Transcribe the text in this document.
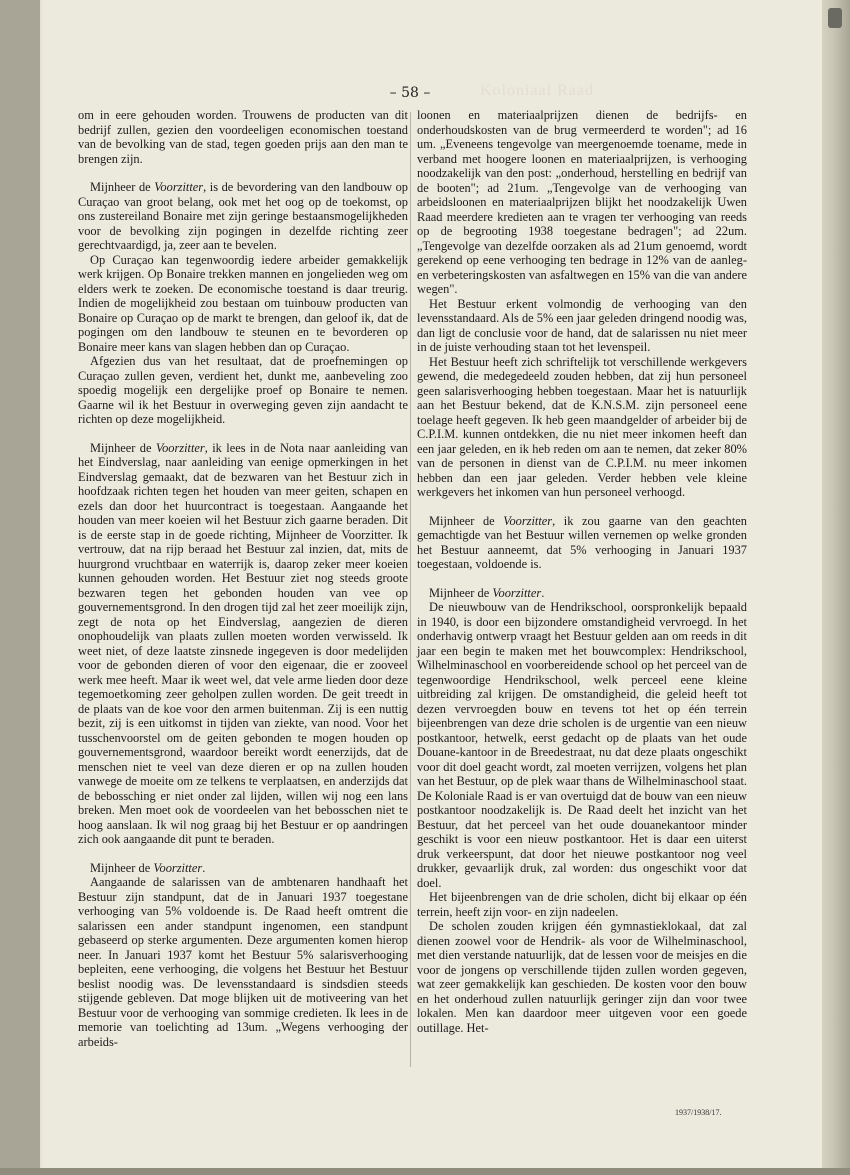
Koloniaal Raad
– 58 –

om in eere gehouden worden. Trouwens de producten van dit bedrijf zullen, gezien den voordeeligen economischen toestand van de bevolking van de stad, tegen goeden prijs aan den man te brengen zijn.

Mijnheer de Voorzitter, is de bevordering van den landbouw op Curaçao van groot belang, ook met het oog op de toekomst, op ons zustereiland Bonaire met zijn geringe bestaansmogelijkheden voor de bevolking zijn pogingen in dezelfde richting zeer gerechtvaardigd, ja, zeer aan te bevelen.

Op Curaçao kan tegenwoordig iedere arbeider gemakkelijk werk krijgen. Op Bonaire trekken mannen en jongelieden weg om elders werk te zoeken. De economische toestand is daar treurig. Indien de mogelijkheid zou bestaan om tuinbouw producten van Bonaire op Curaçao op de markt te brengen, dan geloof ik, dat de pogingen om den landbouw te steunen en te bevorderen op Bonaire meer kans van slagen hebben dan op Curaçao.

Afgezien dus van het resultaat, dat de proefnemingen op Curaçao zullen geven, verdient het, dunkt me, aanbeveling zoo spoedig mogelijk een dergelijke proef op Bonaire te nemen. Gaarne wil ik het Bestuur in overweging geven zijn aandacht te richten op deze mogelijkheid.

Mijnheer de Voorzitter, ik lees in de Nota naar aanleiding van het Eindverslag, naar aanleiding van eenige opmerkingen in het Eindverslag gemaakt, dat de bezwaren van het Bestuur zich in hoofdzaak richten tegen het houden van meer geiten, schapen en ezels dan door het huurcontract is toegestaan. Aangaande het houden van meer koeien wil het Bestuur zich gaarne beraden. Dit is de eerste stap in de goede richting, Mijnheer de Voorzitter. Ik vertrouw, dat na rijp beraad het Bestuur zal inzien, dat, mits de huurgrond vruchtbaar en waterrijk is, daarop zeker meer koeien kunnen gehouden worden. Het Bestuur ziet nog steeds groote bezwaren tegen het gebonden houden van vee op gouvernementsgrond. In den drogen tijd zal het zeer moeilijk zijn, zegt de nota op het Eindverslag, aangezien de dieren onophoudelijk van plaats zullen moeten worden verwisseld. Ik weet niet, of deze laatste zinsnede ingegeven is door medelijden voor de gebonden dieren of voor den eigenaar, die er zooveel werk mee heeft. Maar ik weet wel, dat vele arme lieden door deze tegemoetkoming zeer geholpen zullen worden. De geit treedt in de plaats van de koe voor den armen buitenman. Zij is een nuttig bezit, zij is een uitkomst in tijden van ziekte, van nood. Voor het tusschenvoorstel om de geiten gebonden te mogen houden op gouvernementsgrond, waardoor bereikt wordt eenerzijds, dat de menschen niet te veel van deze dieren er op na zullen houden vanwege de moeite om ze telkens te verplaatsen, en anderzijds dat de bebossching er niet onder zal lijden, willen wij nog een lans breken. Men moet ook de voordeelen van het bebosschen niet te hoog aanslaan. Ik wil nog graag bij het Bestuur er op aandringen zich ook aangaande dit punt te beraden.

Mijnheer de Voorzitter.

Aangaande de salarissen van de ambtenaren handhaaft het Bestuur zijn standpunt, dat de in Januari 1937 toegestane verhooging van 5% voldoende is. De Raad heeft omtrent die salarissen een ander standpunt ingenomen, een standpunt gebaseerd op sterke argumenten. Deze argumenten komen hierop neer. In Januari 1937 komt het Bestuur 5% salarisverhooging bepleiten, eene verhooging, die volgens het Bestuur het Bestuur beslist noodig was. De levensstandaard is sindsdien steeds stijgende gebleven. Dat moge blijken uit de motiveering van het Bestuur voor de verhooging van sommige credieten. Ik lees in de memorie van toelichting ad 13um. „Wegens verhooging der arbeids-

loonen en materiaalprijzen dienen de bedrijfs- en onderhoudskosten van de brug vermeerderd te worden"; ad 16 um. „Eveneens tengevolge van meergenoemde toename, mede in verband met hoogere loonen en materiaalprijzen, is verhooging noodzakelijk van den post: „onderhoud, herstelling en bedrijf van de booten"; ad 21um. „Tengevolge van de verhooging van arbeidsloonen en materiaalprijzen blijkt het noodzakelijk Uwen Raad meerdere kredieten aan te vragen ter verhooging van reeds op de begrooting 1938 toegestane bedragen"; ad 22um. „Tengevolge van dezelfde oorzaken als ad 21um genoemd, wordt gerekend op eene verhooging ten bedrage in 12% van de aanleg- en verbeteringskosten van asfaltwegen en 15% van die van andere wegen".

Het Bestuur erkent volmondig de verhooging van den levensstandaard. Als de 5% een jaar geleden dringend noodig was, dan ligt de conclusie voor de hand, dat de salarissen nu niet meer in de juiste verhouding staan tot het levenspeil.

Het Bestuur heeft zich schriftelijk tot verschillende werkgevers gewend, die medegedeeld zouden hebben, dat zij hun personeel geen salarisverhooging hebben toegestaan. Maar het is natuurlijk aan het Bestuur bekend, dat de K.N.S.M. zijn personeel eene toelage heeft gegeven. Ik heb geen maandgelder of arbeider bij de C.P.I.M. kunnen ontdekken, die nu niet meer inkomen heeft dan een jaar geleden, en ik heb reden om aan te nemen, dat zeker 80% van de personen in dienst van de C.P.I.M. nu meer inkomen hebben dan een jaar geleden. Verder hebben vele kleine werkgevers het inkomen van hun personeel verhoogd.

Mijnheer de Voorzitter, ik zou gaarne van den geachten gemachtigde van het Bestuur willen vernemen op welke gronden het Bestuur aanneemt, dat 5% verhooging in Januari 1937 toegestaan, voldoende is.

Mijnheer de Voorzitter.

De nieuwbouw van de Hendrikschool, oorspronkelijk bepaald in 1940, is door een bijzondere omstandigheid vervroegd. In het onderhavig ontwerp vraagt het Bestuur gelden aan om reeds in dit jaar een begin te maken met het bouwcomplex: Hendrikschool, Wilhelminaschool en voorbereidende school op het perceel van de tegenwoordige Hendrikschool, welk perceel eene kleine uitbreiding zal krijgen. De omstandigheid, die geleid heeft tot dezen vervroegden bouw en tevens tot het op één terrein bijeenbrengen van deze drie scholen is de urgentie van een nieuw postkantoor, hetwelk, eerst gedacht op de plaats van het oude Douane-kantoor in de Breedestraat, nu dat deze plaats ongeschikt voor dit doel geacht wordt, zal moeten verrijzen, volgens het plan van het Bestuur, op de plek waar thans de Wilhelminaschool staat. De Koloniale Raad is er van overtuigd dat de bouw van een nieuw postkantoor noodzakelijk is. De Raad deelt het inzicht van het Bestuur, dat het perceel van het oude douanekantoor minder geschikt is voor een nieuw postkantoor. Het is daar een uiterst druk verkeerspunt, dat door het nieuwe postkantoor nog veel drukker, gevaarlijk druk, zal worden: dus ongeschikt voor dat doel.

Het bijeenbrengen van de drie scholen, dicht bij elkaar op één terrein, heeft zijn voor- en zijn nadeelen.

De scholen zouden krijgen één gymnastieklokaal, dat zal dienen zoowel voor de Hendrik- als voor de Wilhelminaschool, met dien verstande natuurlijk, dat de lessen voor de meisjes en die voor de jongens op verschillende tijden zullen worden gegeven, wat zeer gemakkelijk kan geschieden. De kosten voor den bouw en het onderhoud zullen natuurlijk geringer zijn dan voor twee lokalen. Men kan daardoor meer uitgeven voor een goede outillage. Het-

1937/1938/17.
